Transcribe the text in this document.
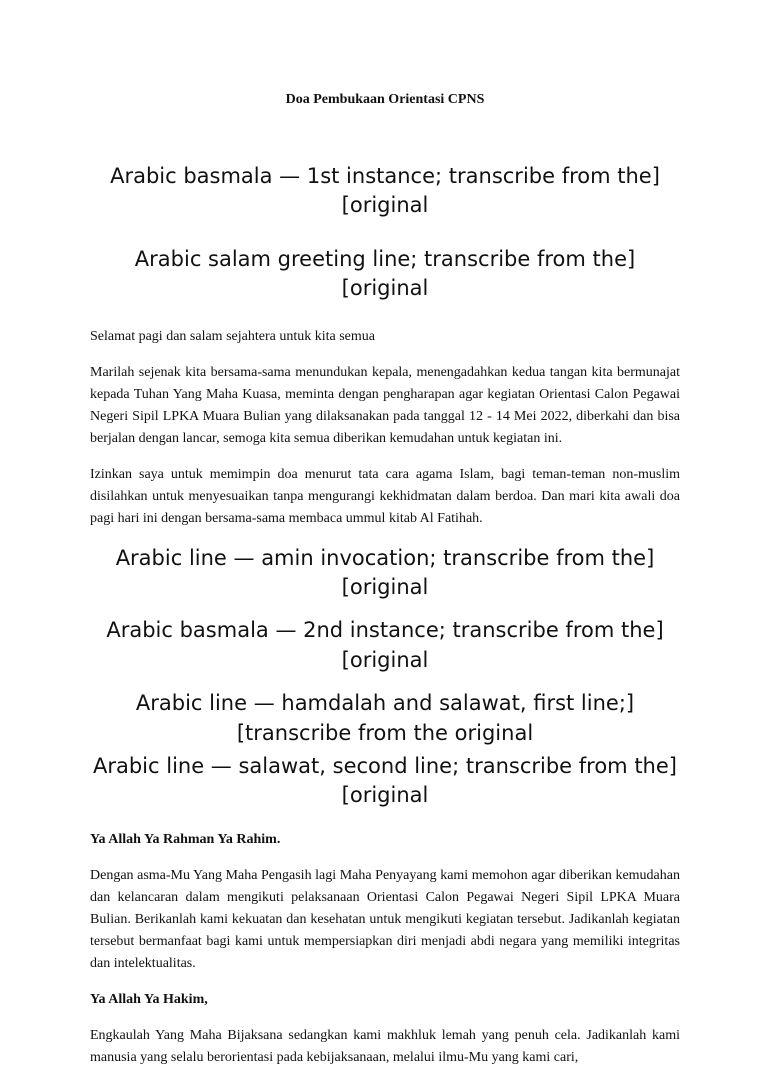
Doa Pembukaan Orientasi CPNS
[Arabic basmala — 1st instance; transcribe from the original]
[Arabic salam greeting line; transcribe from the original]

Selamat pagi dan salam sejahtera untuk kita semua

Marilah sejenak kita bersama-sama menundukan kepala, menengadahkan kedua tangan kita bermunajat kepada Tuhan Yang Maha Kuasa, meminta dengan pengharapan agar kegiatan Orientasi Calon Pegawai Negeri Sipil LPKA Muara Bulian yang dilaksanakan pada tanggal 12 - 14 Mei 2022, diberkahi dan bisa berjalan dengan lancar, semoga kita semua diberikan kemudahan untuk kegiatan ini.

Izinkan saya untuk memimpin doa menurut tata cara agama Islam, bagi teman-teman non-muslim disilahkan untuk menyesuaikan tanpa mengurangi kekhidmatan dalam berdoa. Dan mari kita awali doa pagi hari ini dengan bersama-sama membaca ummul kitab Al Fatihah.

[Arabic line — amin invocation; transcribe from the original]
[Arabic basmala — 2nd instance; transcribe from the original]
[Arabic line — hamdalah and salawat, first line; transcribe from the original]
[Arabic line — salawat, second line; transcribe from the original]
Ya Allah Ya Rahman Ya Rahim.

Dengan asma-Mu Yang Maha Pengasih lagi Maha Penyayang kami memohon agar diberikan kemudahan dan kelancaran dalam mengikuti pelaksanaan Orientasi Calon Pegawai Negeri Sipil LPKA Muara Bulian. Berikanlah kami kekuatan dan kesehatan untuk mengikuti kegiatan tersebut. Jadikanlah kegiatan tersebut bermanfaat bagi kami untuk mempersiapkan diri menjadi abdi negara yang memiliki integritas dan intelektualitas.

Ya Allah Ya Hakim,

Engkaulah Yang Maha Bijaksana sedangkan kami makhluk lemah yang penuh cela. Jadikanlah kami manusia yang selalu berorientasi pada kebijaksanaan, melalui ilmu-Mu yang kami cari,
